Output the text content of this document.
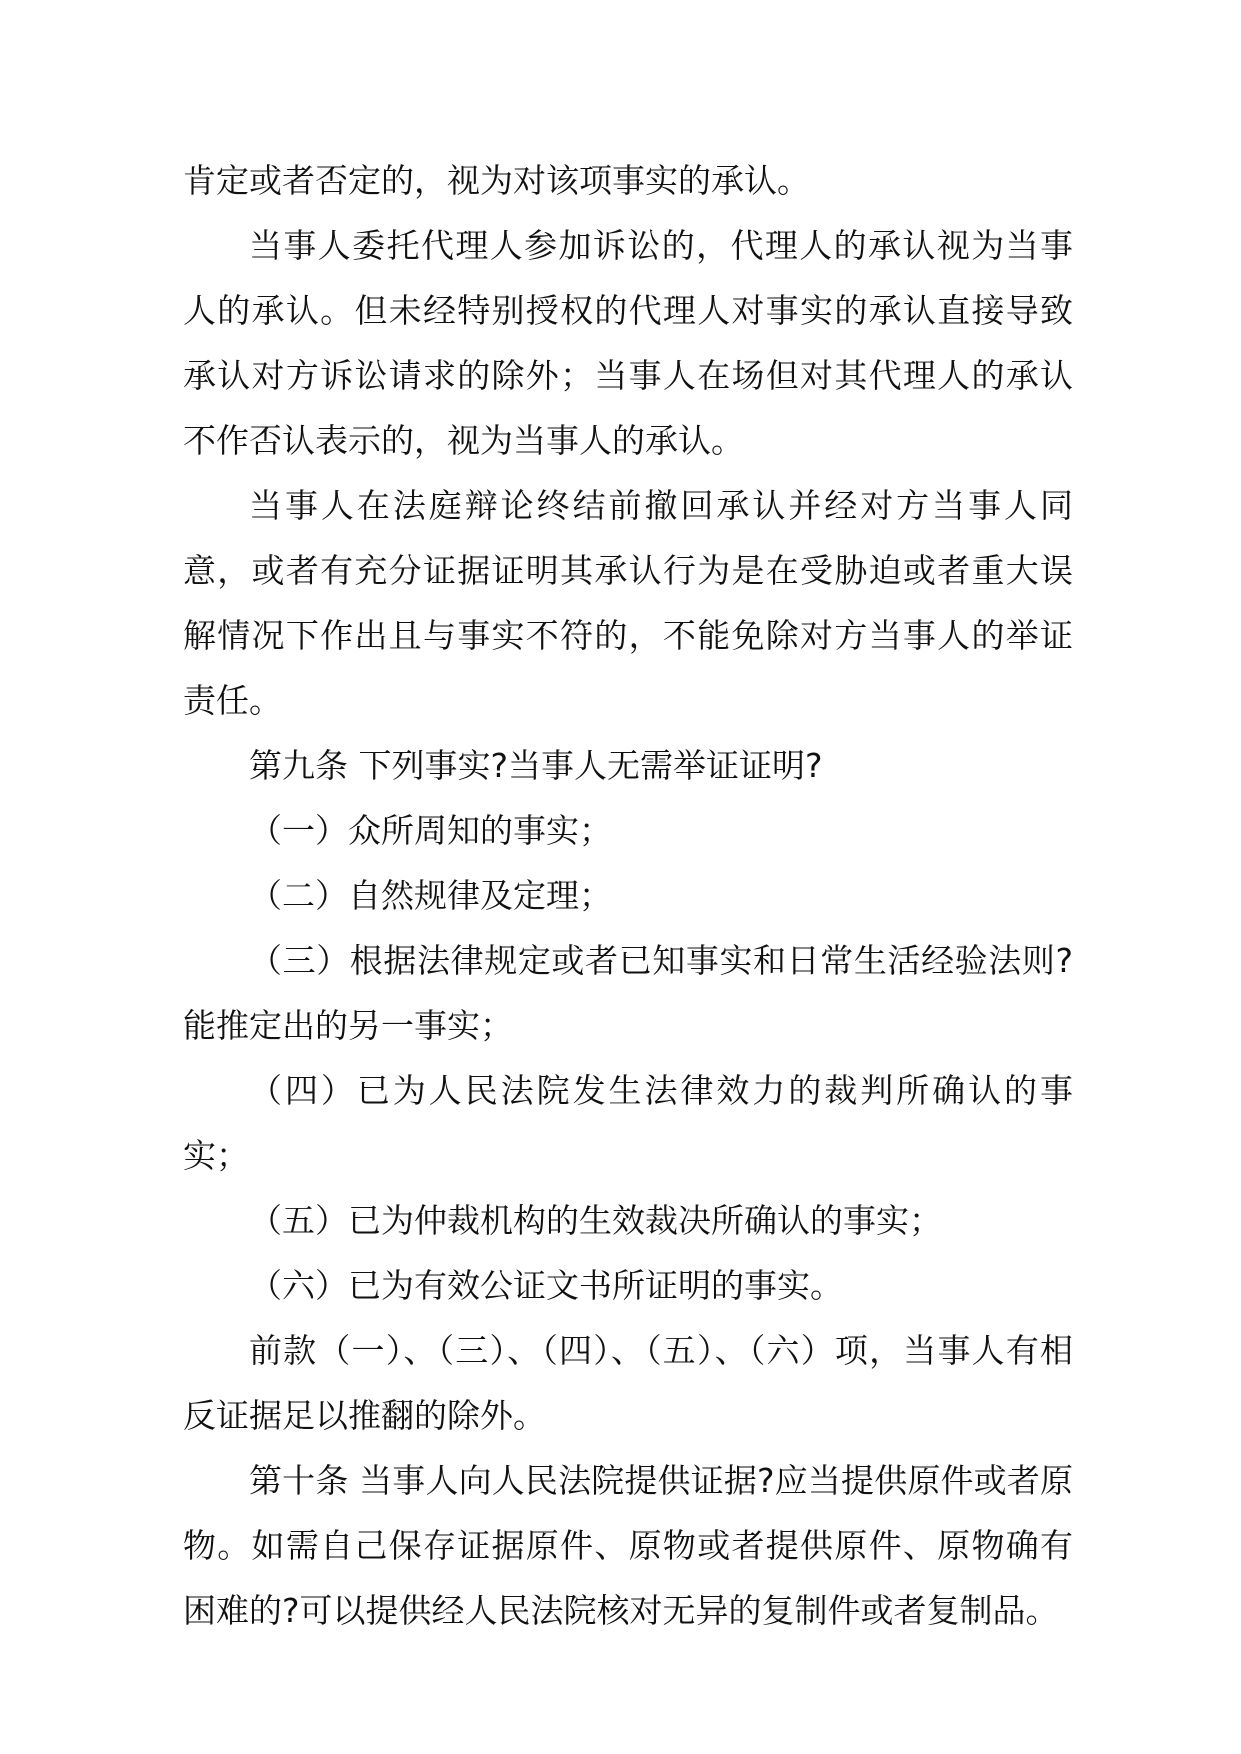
肯定或者否定的，视为对该项事实的承认。

当事人委托代理人参加诉讼的，代理人的承认视为当事人的承认。但未经特别授权的代理人对事实的承认直接导致承认对方诉讼请求的除外；当事人在场但对其代理人的承认不作否认表示的，视为当事人的承认。

当事人在法庭辩论终结前撤回承认并经对方当事人同意，或者有充分证据证明其承认行为是在受胁迫或者重大误解情况下作出且与事实不符的，不能免除对方当事人的举证责任。

第九条 下列事实?当事人无需举证证明?

（一）众所周知的事实；

（二）自然规律及定理；

（三）根据法律规定或者已知事实和日常生活经验法则?能推定出的另一事实；

（四）已为人民法院发生法律效力的裁判所确认的事实；

（五）已为仲裁机构的生效裁决所确认的事实；

（六）已为有效公证文书所证明的事实。

前款（一）、（三）、（四）、（五）、（六）项，当事人有相反证据足以推翻的除外。

第十条 当事人向人民法院提供证据?应当提供原件或者原物。如需自己保存证据原件、原物或者提供原件、原物确有困难的?可以提供经人民法院核对无异的复制件或者复制品。
